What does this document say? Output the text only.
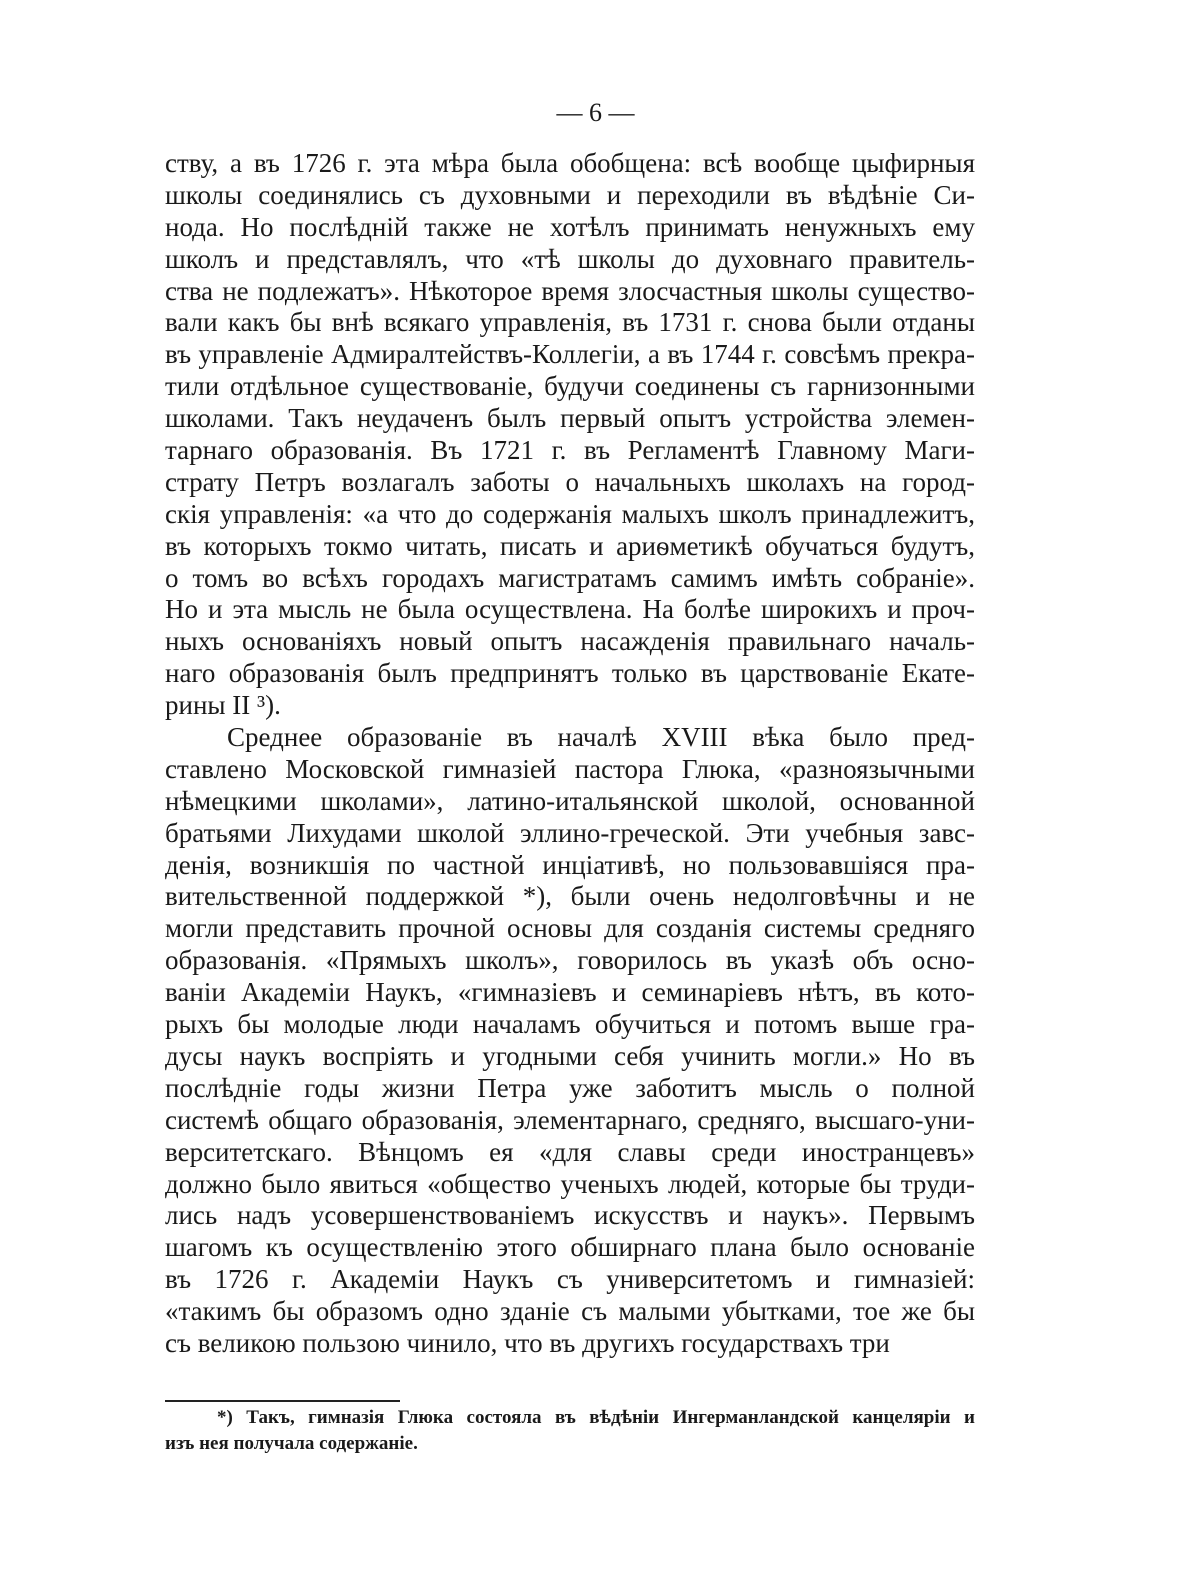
— 6 —
ству, а въ 1726 г. эта мѣра была обобщена: всѣ вообще цыфирныя
школы соединялись съ духовными и переходили въ вѣдѣніе Си-
нода. Но послѣдній также не хотѣлъ принимать ненужныхъ ему
школъ и представлялъ, что «тѣ школы до духовнаго правитель-
ства не подлежатъ». Нѣкоторое время злосчастныя школы существо-
вали какъ бы внѣ всякаго управленія, въ 1731 г. снова были отданы
въ управленіе Адмиралтействъ-Коллегіи, а въ 1744 г. совсѣмъ прекра-
тили отдѣльное существованіе, будучи соединены съ гарнизонными
школами. Такъ неудаченъ былъ первый опытъ устройства элемен-
тарнаго образованія. Въ 1721 г. въ Регламентѣ Главному Маги-
страту Петръ возлагалъ заботы о начальныхъ школахъ на город-
скія управленія: «а что до содержанія малыхъ школъ принадлежитъ,
въ которыхъ токмо читать, писать и ариѳметикѣ обучаться будутъ,
о томъ во всѣхъ городахъ магистратамъ самимъ имѣть собраніе».
Но и эта мысль не была осуществлена. На болѣе широкихъ и проч-
ныхъ основаніяхъ новый опытъ насажденія правильнаго началь-
наго образованія былъ предпринятъ только въ царствованіе Екате-
рины II ³).
Среднее образованіе въ началѣ XVIII вѣка было пред-
ставлено Московской гимназіей пастора Глюка, «разноязычными
нѣмецкими школами», латино-итальянской школой, основанной
братьями Лихудами школой эллино-греческой. Эти учебныя завс-
денія, возникшія по частной инціативѣ, но пользовавшіяся пра-
вительственной поддержкой *), были очень недолговѣчны и не
могли представить прочной основы для созданія системы средняго
образованія. «Прямыхъ школъ», говорилось въ указѣ объ осно-
ваніи Академіи Наукъ, «гимназіевъ и семинаріевъ нѣтъ, въ кото-
рыхъ бы молодые люди началамъ обучиться и потомъ выше гра-
дусы наукъ воспріять и угодными себя учинить могли.» Но въ
послѣдніе годы жизни Петра уже заботитъ мысль о полной
системѣ общаго образованія, элементарнаго, средняго, высшаго-уни-
верситетскаго. Вѣнцомъ ея «для славы среди иностранцевъ»
должно было явиться «общество ученыхъ людей, которые бы труди-
лись надъ усовершенствованіемъ искусствъ и наукъ». Первымъ
шагомъ къ осуществленію этого обширнаго плана было основаніе
въ 1726 г. Академіи Наукъ съ университетомъ и гимназіей:
«такимъ бы образомъ одно зданіе съ малыми убытками, тое же бы
съ великою пользою чинило, что въ другихъ государствахъ три
*) Такъ, гимназія Глюка состояла въ вѣдѣніи Ингерманландской канцеляріи и
изъ нея получала содержаніе.
